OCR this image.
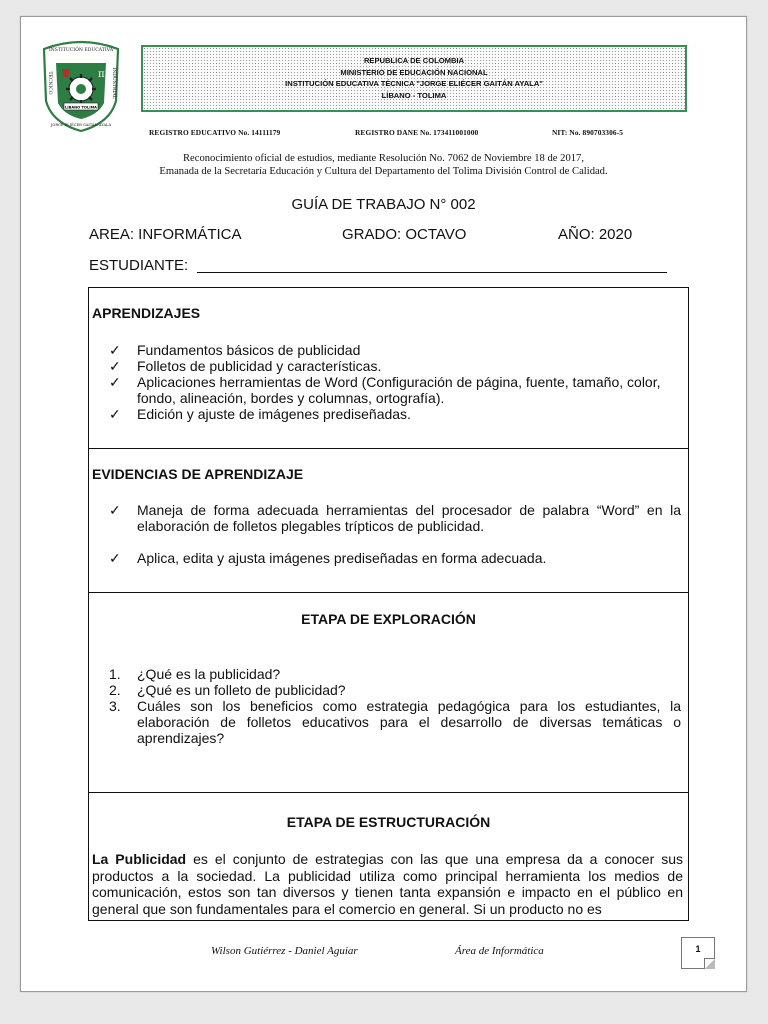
π
LÍBANO TOLIMA
INSTITUCIÓN EDUCATIVA
TÉCNICO	INDUSTRIAL
JORGE ELIÉCER GAITÁN AYALA
REPUBLICA DE COLOMBIA
MINISTERIO DE EDUCACIÓN NACIONAL
INSTITUCIÓN EDUCATIVA TÉCNICA "JORGE ELIÉCER GAITÁN AYALA"
LÍBANO - TOLIMA
REGISTRO EDUCATIVO No. 14111179	REGISTRO DANE No. 173411001000	NIT: No. 890703306-5
Reconocimiento oficial de estudios, mediante Resolución No. 7062 de Noviembre 18 de 2017,
Emanada de la Secretaría Educación y Cultura del Departamento del Tolima División Control de Calidad.
GUÍA DE TRABAJO N° 002
AREA: INFORMÁTICA	GRADO: OCTAVO	AÑO: 2020
ESTUDIANTE:
APRENDIZAJES
✓	Fundamentos básicos de publicidad
✓	Folletos de publicidad y características.
✓	Aplicaciones herramientas de Word (Configuración de página, fuente, tamaño, color, fondo, alineación, bordes y columnas, ortografía).
✓	Edición y ajuste de imágenes prediseñadas.
EVIDENCIAS DE APRENDIZAJE
✓	Maneja de forma adecuada herramientas del procesador de palabra “Word” en la elaboración de folletos plegables trípticos de publicidad.
✓	Aplica, edita y ajusta imágenes prediseñadas en forma adecuada.
ETAPA DE EXPLORACIÓN
1.	¿Qué es la publicidad?
2.	¿Qué es un folleto de publicidad?
3.	Cuáles son los beneficios como estrategia pedagógica para los estudiantes, la elaboración de folletos educativos para el desarrollo de diversas temáticas o aprendizajes?
ETAPA DE ESTRUCTURACIÓN
La Publicidad es el conjunto de estrategias con las que una empresa da a conocer sus productos a la sociedad. La publicidad utiliza como principal herramienta los medios de comunicación, estos son tan diversos y tienen tanta expansión e impacto en el público en general que son fundamentales para el comercio en general. Si un producto no es
Wilson Gutiérrez - Daniel Aguiar	Área de Informática	1
